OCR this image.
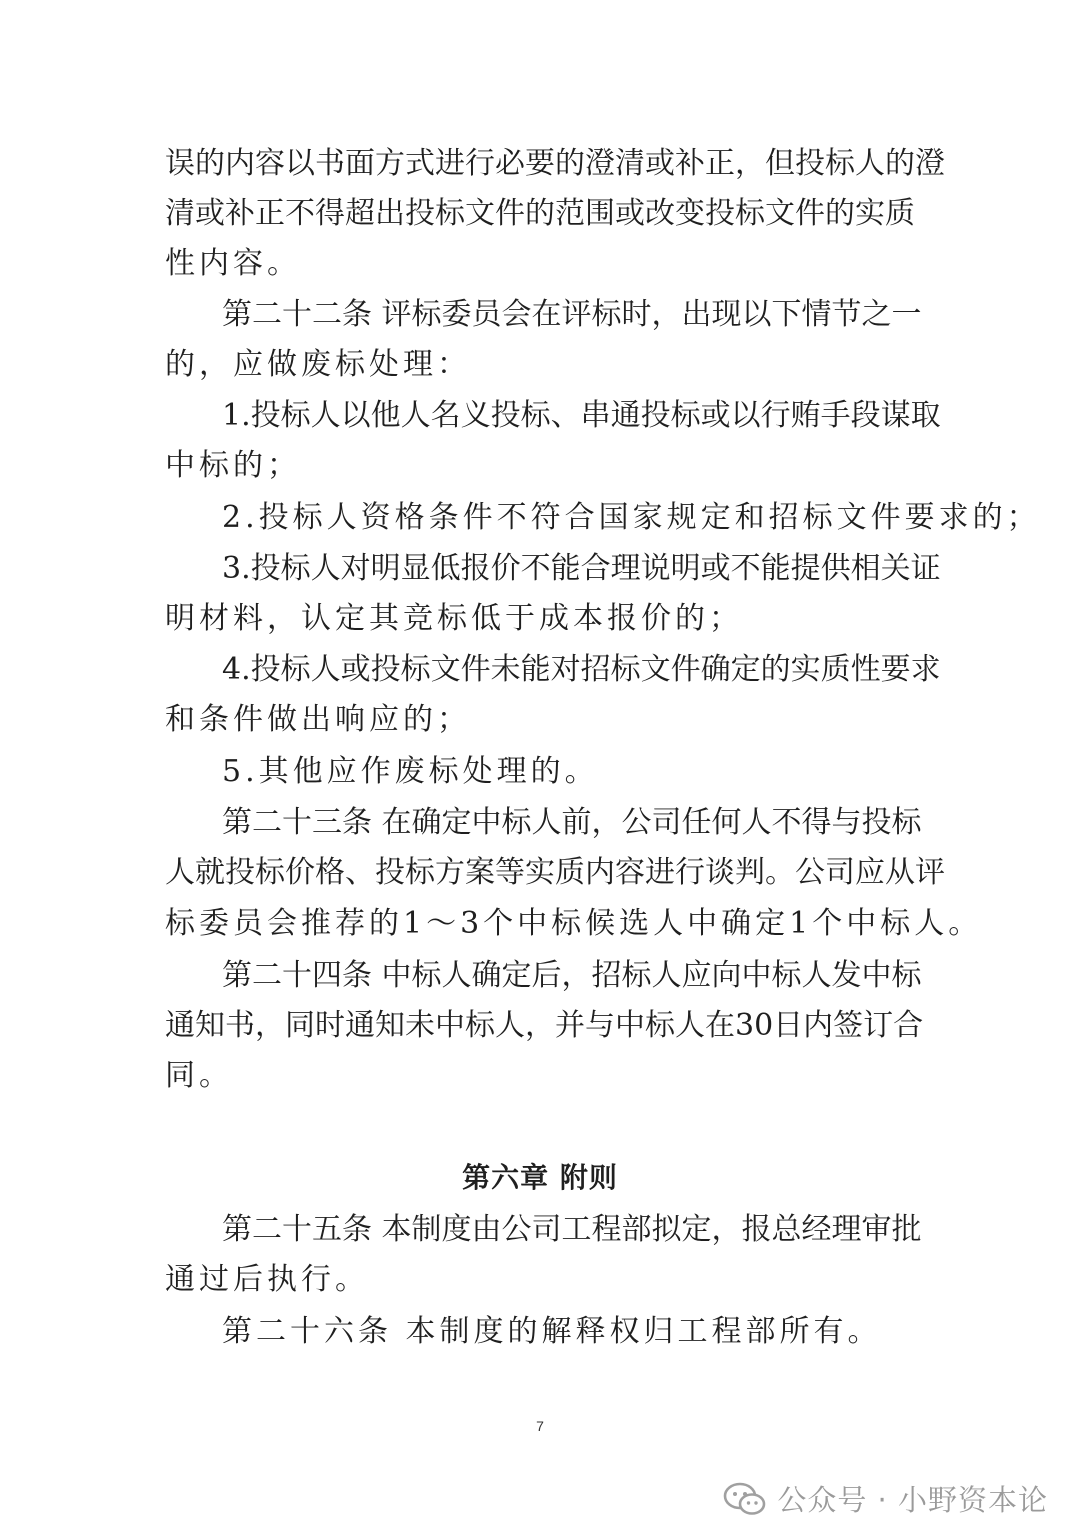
误的内容以书面方式进行必要的澄清或补正，但投标人的澄
清或补正不得超出投标文件的范围或改变投标文件的实质
性内容。
第二十二条 评标委员会在评标时，出现以下情节之一
的，应做废标处理：
1.投标人以他人名义投标、串通投标或以行贿手段谋取
中标的；
2.投标人资格条件不符合国家规定和招标文件要求的；
3.投标人对明显低报价不能合理说明或不能提供相关证
明材料，认定其竞标低于成本报价的；
4.投标人或投标文件未能对招标文件确定的实质性要求
和条件做出响应的；
5.其他应作废标处理的。
第二十三条 在确定中标人前，公司任何人不得与投标
人就投标价格、投标方案等实质内容进行谈判。公司应从评
标委员会推荐的1～3个中标候选人中确定1个中标人。
第二十四条 中标人确定后，招标人应向中标人发中标
通知书，同时通知未中标人，并与中标人在30日内签订合
同。
第六章 附则
第二十五条 本制度由公司工程部拟定，报总经理审批
通过后执行。
第二十六条 本制度的解释权归工程部所有。
7
公众号 · 小野资本论
